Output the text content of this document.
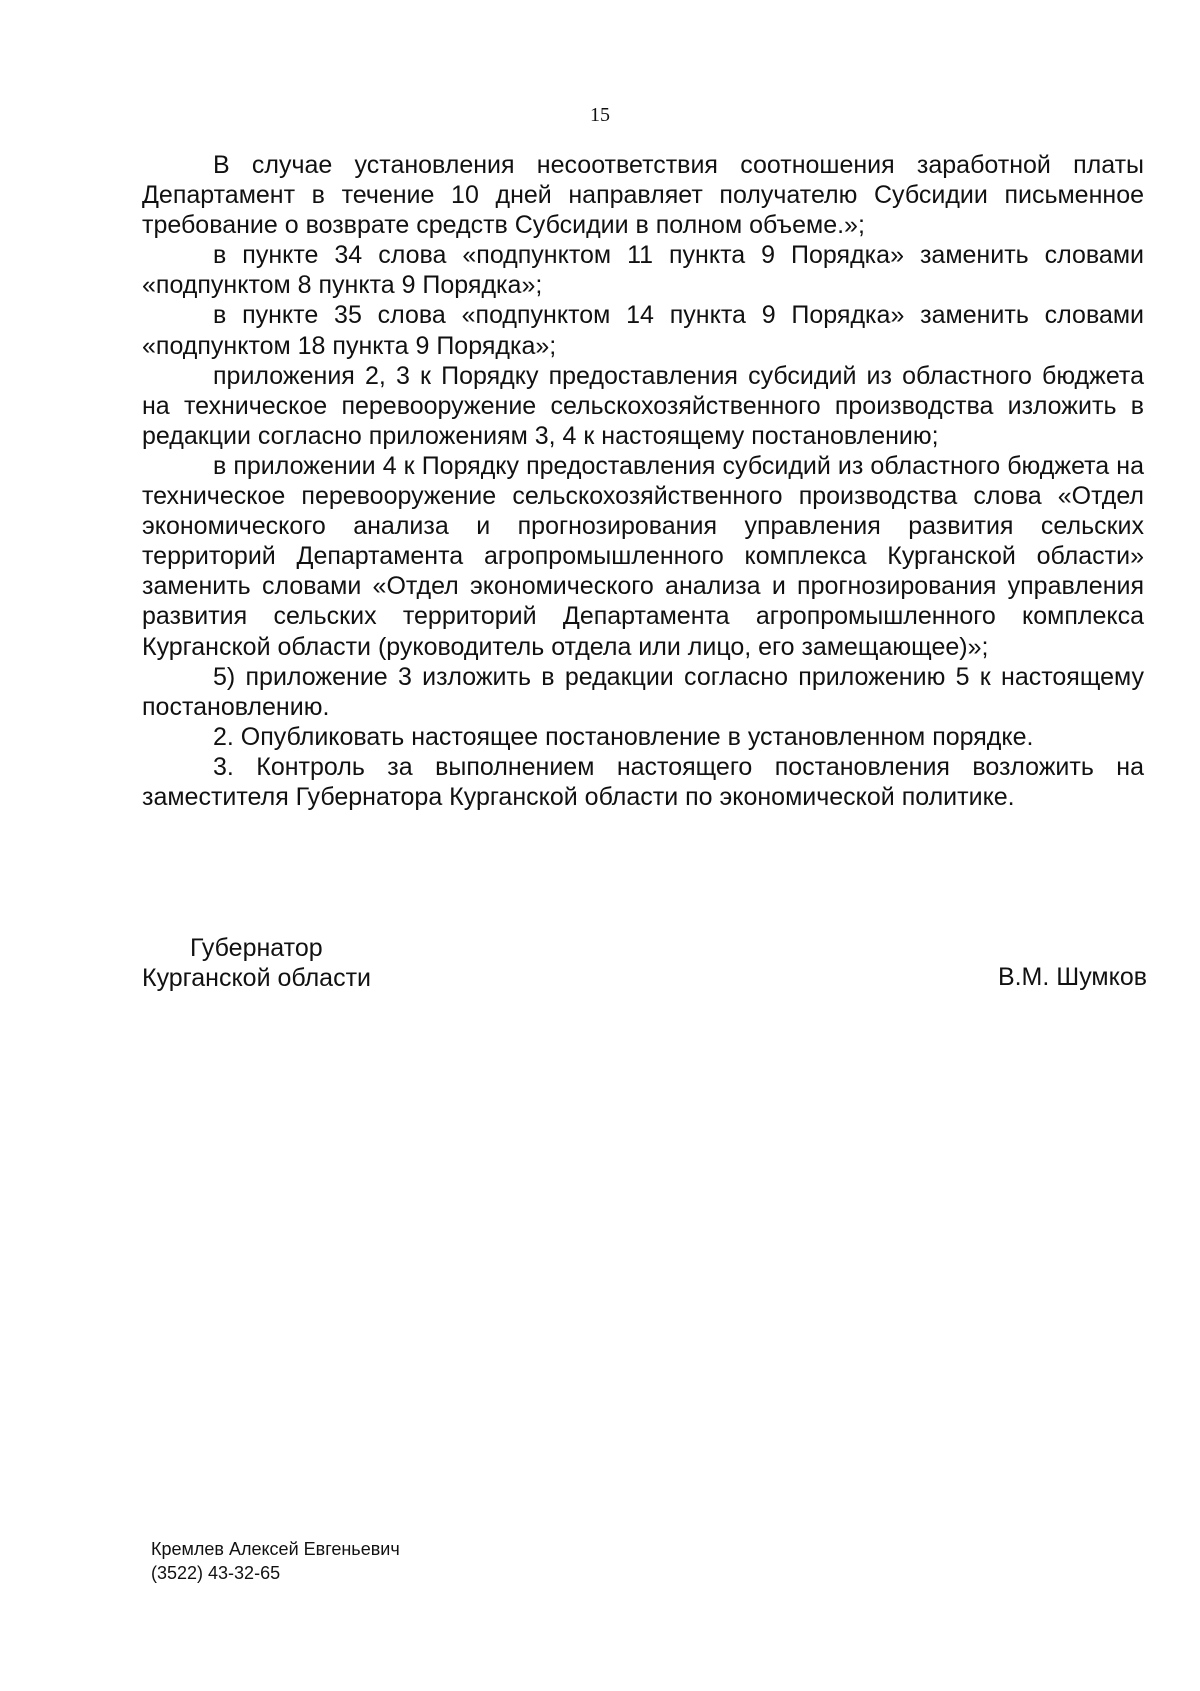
15

В случае установления несоответствия соотношения заработной платы Департамент в течение 10 дней направляет получателю Субсидии письменное требование о возврате средств Субсидии в полном объеме.»;

в пункте 34 слова «подпунктом 11 пункта 9 Порядка» заменить словами «подпунктом 8 пункта 9 Порядка»;

в пункте 35 слова «подпунктом 14 пункта 9 Порядка» заменить словами «подпунктом 18 пункта 9 Порядка»;

приложения 2, 3 к Порядку предоставления субсидий из областного бюджета на техническое перевооружение сельскохозяйственного производства изложить в редакции согласно приложениям 3, 4 к настоящему постановлению;

в приложении 4 к Порядку предоставления субсидий из областного бюджета на техническое перевооружение сельскохозяйственного производства слова «Отдел экономического анализа и прогнозирования управления развития сельских территорий Департамента агропромышленного комплекса Курганской области» заменить словами «Отдел экономического анализа и прогнозирования управления развития сельских территорий Департамента агропромышленного комплекса Курганской области (руководитель отдела или лицо, его замещающее)»;

5) приложение 3 изложить в редакции согласно приложению 5 к настоящему постановлению.

2. Опубликовать настоящее постановление в установленном порядке.

3. Контроль за выполнением настоящего постановления возложить на заместителя Губернатора Курганской области по экономической политике.

Губернатор
Курганской области	В.М. Шумков
Кремлев Алексей Евгеньевич
(3522) 43-32-65
